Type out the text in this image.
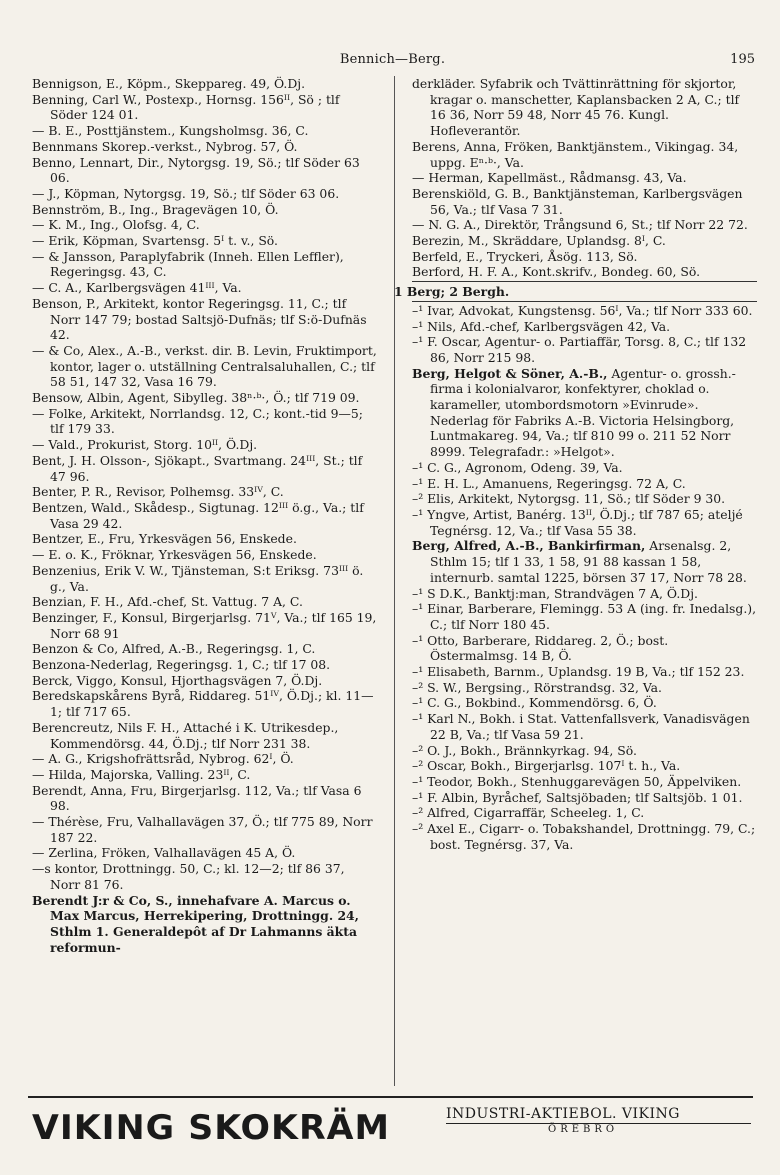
Bennich—Berg.	195

Bennigson, E., Köpm., Skeppareg. 49, Ö.Dj.

Benning, Carl W., Postexp., Hornsg. 156ᴵᴵ, Sö ; tlf Söder 124 01.

— B. E., Posttjänstem., Kungsholmsg. 36, C.

Bennmans Skorep.-verkst., Nybrog. 57, Ö.

Benno, Lennart, Dir., Nytorgsg. 19, Sö.; tlf Söder 63 06.

— J., Köpman, Nytorgsg. 19, Sö.; tlf Söder 63 06.

Bennström, B., Ing., Bragevägen 10, Ö.

— K. M., Ing., Olofsg. 4, C.

— Erik, Köpman, Svartensg. 5ᴵ t. v., Sö.

— & Jansson, Paraplyfabrik (Inneh. Ellen Leffler), Regeringsg. 43, C.

— C. A., Karlbergsvägen 41ᴵᴵᴵ, Va.

Benson, P., Arkitekt, kontor Regeringsg. 11, C.; tlf Norr 147 79; bostad Saltsjö-Dufnäs; tlf S:ö-Dufnäs 42.

— & Co, Alex., A.-B., verkst. dir. B. Levin, Fruktimport, kontor, lager o. utställning Centralsaluhallen, C.; tlf 58 51, 147 32, Vasa 16 79.

Bensow, Albin, Agent, Sibylleg. 38ⁿ·ᵇ·, Ö.; tlf 719 09.

— Folke, Arkitekt, Norrlandsg. 12, C.; kont.-tid 9—5; tlf 179 33.

— Vald., Prokurist, Storg. 10ᴵᴵ, Ö.Dj.

Bent, J. H. Olsson-, Sjökapt., Svartmang. 24ᴵᴵᴵ, St.; tlf 47 96.

Benter, P. R., Revisor, Polhemsg. 33ᴵⱽ, C.

Bentzen, Wald., Skådesp., Sigtunag. 12ᴵᴵᴵ ö.g., Va.; tlf Vasa 29 42.

Bentzer, E., Fru, Yrkesvägen 56, Enskede.

— E. o. K., Fröknar, Yrkesvägen 56, Enskede.

Benzenius, Erik V. W., Tjänsteman, S:t Eriksg. 73ᴵᴵᴵ ö. g., Va.

Benzian, F. H., Afd.-chef, St. Vattug. 7 A, C.

Benzinger, F., Konsul, Birgerjarlsg. 71ⱽ, Va.; tlf 165 19, Norr 68 91

Benzon & Co, Alfred, A.-B., Regeringsg. 1, C.

Benzona-Nederlag, Regeringsg. 1, C.; tlf 17 08.

Berck, Viggo, Konsul, Hjorthagsvägen 7, Ö.Dj.

Beredskapskårens Byrå, Riddareg. 51ᴵⱽ, Ö.Dj.; kl. 11—1; tlf 717 65.

Berencreutz, Nils F. H., Attaché i K. Utrikesdep., Kommendörsg. 44, Ö.Dj.; tlf Norr 231 38.

— A. G., Krigshofrättsråd, Nybrog. 62ᴵ, Ö.

— Hilda, Majorska, Valling. 23ᴵᴵ, C.

Berendt, Anna, Fru, Birgerjarlsg. 112, Va.; tlf Vasa 6 98.

— Thérèse, Fru, Valhallavägen 37, Ö.; tlf 775 89, Norr 187 22.

— Zerlina, Fröken, Valhallavägen 45 A, Ö.

—s kontor, Drottningg. 50, C.; kl. 12—2; tlf 86 37, Norr 81 76.

Berendt J:r & Co, S., innehafvare A. Marcus o. Max Marcus, Herrekipering, Drottningg. 24, Sthlm 1. Generaldepôt af Dr Lahmanns äkta reformun-

derkläder. Syfabrik och Tvättinrättning för skjortor, kragar o. manschetter, Kaplansbacken 2 A, C.; tlf 16 36, Norr 59 48, Norr 45 76. Kungl. Hofleverantör.

Berens, Anna, Fröken, Banktjänstem., Vikingag. 34, uppg. Eⁿ·ᵇ·, Va.

— Herman, Kapellmäst., Rådmansg. 43, Va.

Berenskiöld, G. B., Banktjänsteman, Karlbergsvägen 56, Va.; tlf Vasa 7 31.

— N. G. A., Direktör, Trångsund 6, St.; tlf Norr 22 72.

Berezin, M., Skräddare, Uplandsg. 8ᴵ, C.

Berfeld, E., Tryckeri, Åsög. 113, Sö.

Berford, H. F. A., Kont.skrifv., Bondeg. 60, Sö.

1 Berg; 2 Bergh.

–¹ Ivar, Advokat, Kungstensg. 56ᴵ, Va.; tlf Norr 333 60.

–¹ Nils, Afd.-chef, Karlbergsvägen 42, Va.

–¹ F. Oscar, Agentur- o. Partiaffär, Torsg. 8, C.; tlf 132 86, Norr 215 98.

Berg, Helgot & Söner, A.-B., Agentur- o. grossh.-firma i kolonialvaror, konfektyrer, choklad o. karameller, utombordsmotorn »Evinrude». Nederlag för Fabriks A.-B. Victoria Helsingborg, Luntmakareg. 94, Va.; tlf 810 99 o. 211 52 Norr 8999. Telegrafadr.: »Helgot».

–¹ C. G., Agronom, Odeng. 39, Va.

–¹ E. H. L., Amanuens, Regeringsg. 72 A, C.

–² Elis, Arkitekt, Nytorgsg. 11, Sö.; tlf Söder 9 30.

–¹ Yngve, Artist, Banérg. 13ᴵᴵ, Ö.Dj.; tlf 787 65; ateljé Tegnérsg. 12, Va.; tlf Vasa 55 38.

Berg, Alfred, A.-B., Bankirfirman, Arsenalsg. 2, Sthlm 15; tlf 1 33, 1 58, 91 88 kassan 1 58, internurb. samtal 1225, börsen 37 17, Norr 78 28.

–¹ S D.K., Banktj:man, Strandvägen 7 A, Ö.Dj.

–¹ Einar, Barberare, Flemingg. 53 A (ing. fr. Inedalsg.), C.; tlf Norr 180 45.

–¹ Otto, Barberare, Riddareg. 2, Ö.; bost. Östermalmsg. 14 B, Ö.

–¹ Elisabeth, Barnm., Uplandsg. 19 B, Va.; tlf 152 23.

–² S. W., Bergsing., Rörstrandsg. 32, Va.

–¹ C. G., Bokbind., Kommendörsg. 6, Ö.

–¹ Karl N., Bokh. i Stat. Vattenfallsverk, Vanadisvägen 22 B, Va.; tlf Vasa 59 21.

–² O. J., Bokh., Brännkyrkag. 94, Sö.

–² Oscar, Bokh., Birgerjarlsg. 107ᴵ t. h., Va.

–¹ Teodor, Bokh., Stenhuggarevägen 50, Äppelviken.

–¹ F. Albin, Byråchef, Saltsjöbaden; tlf Saltsjöb. 1 01.

–² Alfred, Cigarraffär, Scheeleg. 1, C.

–² Axel E., Cigarr- o. Tobakshandel, Drottningg. 79, C.; bost. Tegnérsg. 37, Va.

VIKING SKOKRÄM	INDUSTRI-AKTIEBOL. VIKING
ÖREBRO
